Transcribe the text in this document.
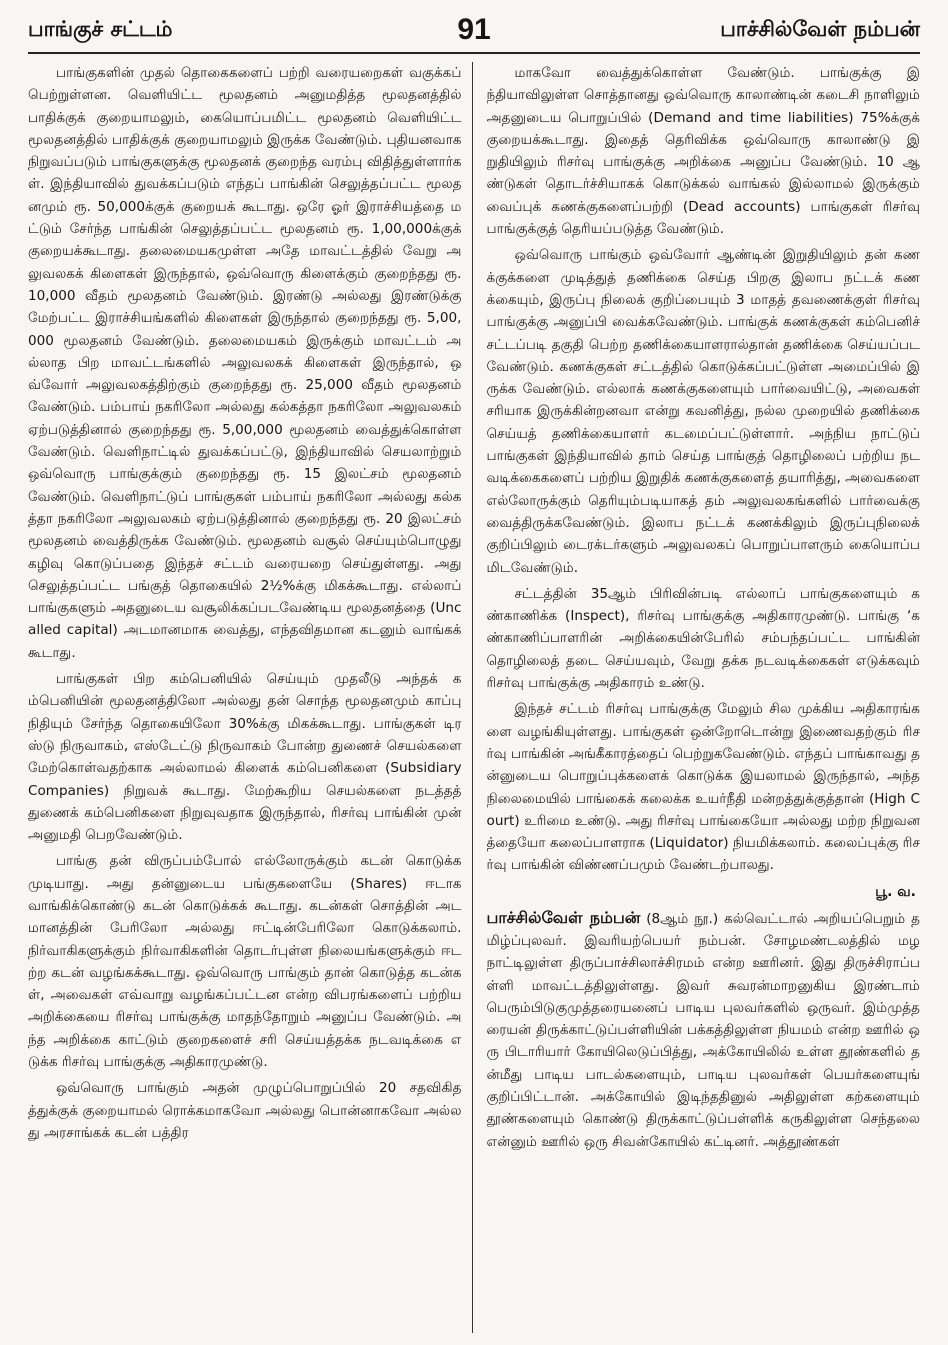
பாங்குச் சட்டம்	91	பாச்சில்வேள் நம்பன்

பாங்குகளின் முதல் தொகைகளைப் பற்றி வரையறைகள் வகுக்கப் பெற்றுள்ளன. வெளியிட்ட மூலதனம் அனுமதித்த மூலதனத்தில் பாதிக்குக் குறையாமலும், கையொப்பமிட்ட மூலதனம் வெளியிட்ட மூலதனத்தில் பாதிக்குக் குறையாமலும் இருக்க வேண்டும். புதியனவாக நிறுவப்படும் பாங்குகளுக்கு மூலதனக் குறைந்த வரம்பு விதித்துள்ளார்கள். இந்தியாவில் துவக்கப்படும் எந்தப் பாங்கின் செலுத்தப்பட்ட மூலதனமும் ரூ. 50,000க்குக் குறையக் கூடாது. ஒரே ஓர் இராச்சியத்தை மட்டும் சேர்ந்த பாங்கின் செலுத்தப்பட்ட மூலதனம் ரூ. 1,00,000க்குக் குறையக்கூடாது. தலைமையகமுள்ள அதே மாவட்டத்தில் வேறு அலுவலகக் கிளைகள் இருந்தால், ஒவ்வொரு கிளைக்கும் குறைந்தது ரூ. 10,000 வீதம் மூலதனம் வேண்டும். இரண்டு அல்லது இரண்டுக்கு மேற்பட்ட இராச்சியங்களில் கிளைகள் இருந்தால் குறைந்தது ரூ. 5,00,000 மூலதனம் வேண்டும். தலைமையகம் இருக்கும் மாவட்டம் அல்லாத பிற மாவட்டங்களில் அலுவலகக் கிளைகள் இருந்தால், ஒவ்வோர் அலுவலகத்திற்கும் குறைந்தது ரூ. 25,000 வீதம் மூலதனம் வேண்டும். பம்பாய் நகரிலோ அல்லது கல்கத்தா நகரிலோ அலுவலகம் ஏற்படுத்தினால் குறைந்தது ரூ. 5,00,000 மூலதனம் வைத்துக்கொள்ள வேண்டும். வெளிநாட்டில் துவக்கப்பட்டு, இந்தியாவில் செயலாற்றும் ஒவ்வொரு பாங்குக்கும் குறைந்தது ரூ. 15 இலட்சம் மூலதனம் வேண்டும். வெளிநாட்டுப் பாங்குகள் பம்பாய் நகரிலோ அல்லது கல்கத்தா நகரிலோ அலுவலகம் ஏற்படுத்தினால் குறைந்தது ரூ. 20 இலட்சம் மூலதனம் வைத்திருக்க வேண்டும். மூலதனம் வசூல் செய்யும்பொழுது கழிவு கொடுப்பதை இந்தச் சட்டம் வரையறை செய்துள்ளது. அது செலுத்தப்பட்ட பங்குத் தொகையில் 2½%க்கு மிகக்கூடாது. எல்லாப் பாங்குகளும் அதனுடைய வசூலிக்கப்படவேண்டிய மூலதனத்தை (Uncalled capital) அடமானமாக வைத்து, எந்தவிதமான கடனும் வாங்கக் கூடாது.

பாங்குகள் பிற கம்பெனியில் செய்யும் முதலீடு அந்தக் கம்பெனியின் மூலதனத்திலோ அல்லது தன் சொந்த மூலதனமும் காப்பு நிதியும் சேர்ந்த தொகையிலோ 30%க்கு மிகக்கூடாது. பாங்குகள் டிரஸ்டு நிருவாகம், எஸ்டேட்டு நிருவாகம் போன்ற துணைச் செயல்களை மேற்கொள்வதற்காக அல்லாமல் கிளைக் கம்பெனிகளை (Subsidiary Companies) நிறுவக் கூடாது. மேற்கூறிய செயல்களை நடத்தத் துணைக் கம்பெனிகளை நிறுவுவதாக இருந்தால், ரிசர்வு பாங்கின் முன் அனுமதி பெறவேண்டும்.

பாங்கு தன் விருப்பம்போல் எல்லோருக்கும் கடன் கொடுக்க முடியாது. அது தன்னுடைய பங்குகளையே (Shares) ஈடாக வாங்கிக்கொண்டு கடன் கொடுக்கக் கூடாது. கடன்கள் சொத்தின் அடமானத்தின் பேரிலோ அல்லது ஈட்டின்பேரிலோ கொடுக்கலாம். நிர்வாகிகளுக்கும் நிர்வாகிகளின் தொடர்புள்ள நிலையங்களுக்கும் ஈடற்ற கடன் வழங்கக்கூடாது. ஒவ்வொரு பாங்கும் தான் கொடுத்த கடன்கள், அவைகள் எவ்வாறு வழங்கப்பட்டன என்ற விபரங்களைப் பற்றிய அறிக்கையை ரிசர்வு பாங்குக்கு மாதந்தோறும் அனுப்ப வேண்டும். அந்த அறிக்கை காட்டும் குறைகளைச் சரி செய்யத்தக்க நடவடிக்கை எடுக்க ரிசர்வு பாங்குக்கு அதிகாரமுண்டு.

ஒவ்வொரு பாங்கும் அதன் முழுப்பொறுப்பில் 20 சதவிகிதத்துக்குக் குறையாமல் ரொக்கமாகவோ அல்லது பொன்னாகவோ அல்லது அரசாங்கக் கடன் பத்திர

மாகவோ வைத்துக்கொள்ள வேண்டும். பாங்குக்கு இந்தியாவிலுள்ள சொத்தானது ஒவ்வொரு காலாண்டின் கடைசி நாளிலும் அதனுடைய பொறுப்பில் (Demand and time liabilities) 75%க்குக் குறையக்கூடாது. இதைத் தெரிவிக்க ஒவ்வொரு காலாண்டு இறுதியிலும் ரிசர்வு பாங்குக்கு அறிக்கை அனுப்ப வேண்டும். 10 ஆண்டுகள் தொடர்ச்சியாகக் கொடுக்கல் வாங்கல் இல்லாமல் இருக்கும் வைப்புக் கணக்குகளைப்பற்றி (Dead accounts) பாங்குகள் ரிசர்வு பாங்குக்குத் தெரியப்படுத்த வேண்டும்.

ஒவ்வொரு பாங்கும் ஒவ்வோர் ஆண்டின் இறுதியிலும் தன் கணக்குக்களை முடித்துத் தணிக்கை செய்த பிறகு இலாப நட்டக் கணக்கையும், இருப்பு நிலைக் குறிப்பையும் 3 மாதத் தவணைக்குள் ரிசர்வு பாங்குக்கு அனுப்பி வைக்கவேண்டும். பாங்குக் கணக்குகள் கம்பெனிச் சட்டப்படி தகுதி பெற்ற தணிக்கையாளரால்தான் தணிக்கை செய்யப்படவேண்டும். கணக்குகள் சட்டத்தில் கொடுக்கப்பட்டுள்ள அமைப்பில் இருக்க வேண்டும். எல்லாக் கணக்குகளையும் பார்வையிட்டு, அவைகள் சரியாக இருக்கின்றனவா என்று கவனித்து, நல்ல முறையில் தணிக்கை செய்யத் தணிக்கையாளர் கடமைப்பட்டுள்ளார். அந்நிய நாட்டுப் பாங்குகள் இந்தியாவில் தாம் செய்த பாங்குத் தொழிலைப் பற்றிய நடவடிக்கைகளைப் பற்றிய இறுதிக் கணக்குகளைத் தயாரித்து, அவைகளை எல்லோருக்கும் தெரியும்படியாகத் தம் அலுவலகங்களில் பார்வைக்கு வைத்திருக்கவேண்டும். இலாப நட்டக் கணக்கிலும் இருப்புநிலைக் குறிப்பிலும் டைரக்டர்களும் அலுவலகப் பொறுப்பாளரும் கையொப்பமிடவேண்டும்.

சட்டத்தின் 35ஆம் பிரிவின்படி எல்லாப் பாங்குகளையும் கண்காணிக்க (Inspect), ரிசர்வு பாங்குக்கு அதிகாரமுண்டு. பாங்கு ‘கண்காணிப்பாளரின் அறிக்கையின்பேரில் சம்பந்தப்பட்ட பாங்கின் தொழிலைத் தடை செய்யவும், வேறு தக்க நடவடிக்கைகள் எடுக்கவும் ரிசர்வு பாங்குக்கு அதிகாரம் உண்டு.

இந்தச் சட்டம் ரிசர்வு பாங்குக்கு மேலும் சில முக்கிய அதிகாரங்களை வழங்கியுள்ளது. பாங்குகள் ஒன்றோடொன்று இணைவதற்கும் ரிசர்வு பாங்கின் அங்கீகாரத்தைப் பெற்றுகவேண்டும். எந்தப் பாங்காவது தன்னுடைய பொறுப்புக்களைக் கொடுக்க இயலாமல் இருந்தால், அந்த நிலைமையில் பாங்கைக் கலைக்க உயர்நீதி மன்றத்துக்குத்தான் (High Court) உரிமை உண்டு. அது ரிசர்வு பாங்கையோ அல்லது மற்ற நிறுவனத்தையோ கலைப்பாளராக (Liquidator) நியமிக்கலாம். கலைப்புக்கு ரிசர்வு பாங்கின் விண்ணப்பமும் வேண்டற்பாலது.

பூ. வ.

பாச்சில்வேள் நம்பன் (8ஆம் நூ.) கல்வெட்டால் அறியப்பெறும் தமிழ்ப்புலவர். இவரியற்பெயர் நம்பன். சோழமண்டலத்தில் மழ நாட்டிலுள்ள திருப்பாச்சிலாச்சிரமம் என்ற ஊரினர். இது திருச்சிராப்பள்ளி மாவட்டத்திலுள்ளது. இவர் சுவரன்மாறனுகிய இரண்டாம் பெரும்பிடுகுமுத்தரையனைப் பாடிய புலவர்களில் ஒருவர். இம்முத்தரையன் திருக்காட்டுப்பள்ளியின் பக்கத்திலுள்ள நியமம் என்ற ஊரில் ஒரு பிடாரியார் கோயிலெடுப்பித்து, அக்கோயிலில் உள்ள தூண்களில் தன்மீது பாடிய பாடல்களையும், பாடிய புலவர்கள் பெயர்களையுங் குறிப்பிட்டான். அக்கோயில் இடிந்ததினுல் அதிலுள்ள கற்களையும் தூண்களையும் கொண்டு திருக்காட்டுப்பள்ளிக் கருகிலுள்ள செந்தலை என்னும் ஊரில் ஒரு சிவன்கோயில் கட்டினர். அத்தூண்கள்
